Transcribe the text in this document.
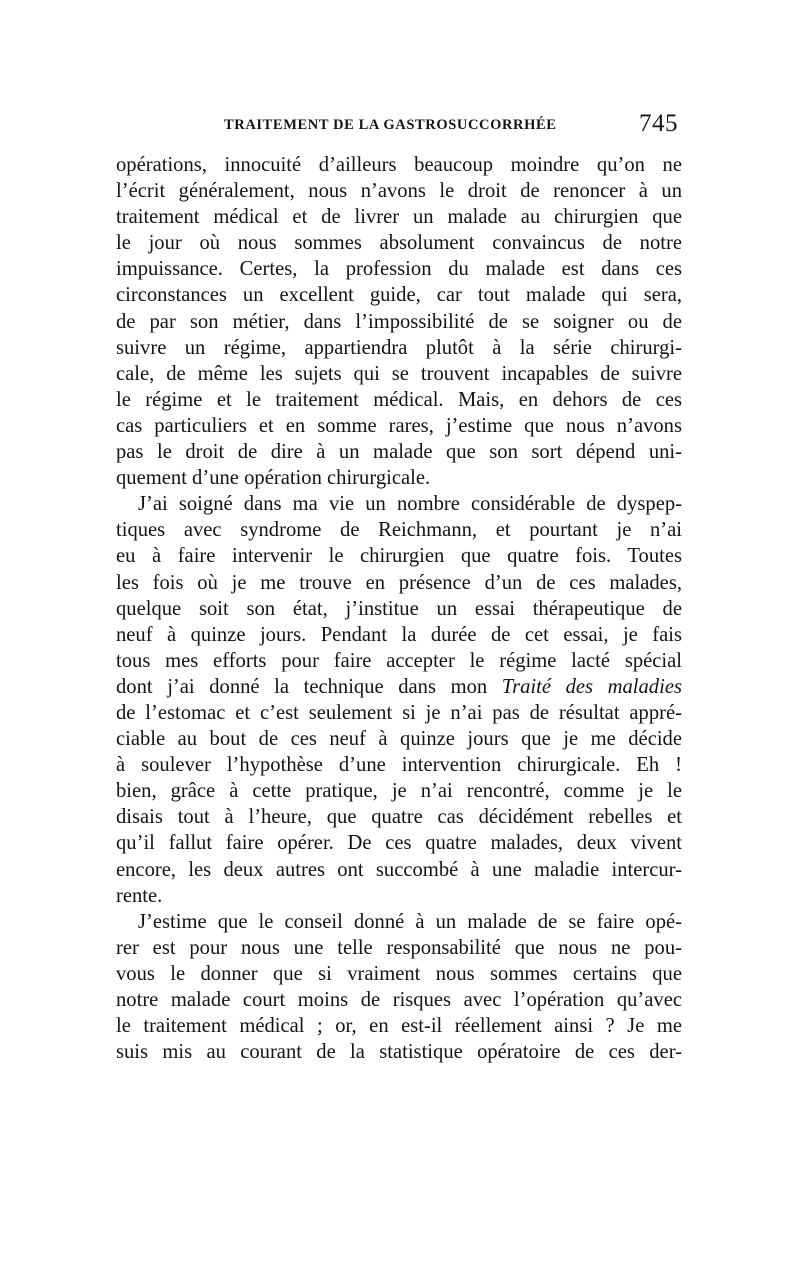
TRAITEMENT DE LA GASTROSUCCORRHÉE	745

opérations, innocuité d’ailleurs beaucoup moindre qu’on ne
l’écrit généralement, nous n’avons le droit de renoncer à un
traitement médical et de livrer un malade au chirurgien que
le jour où nous sommes absolument convaincus de notre
impuissance. Certes, la profession du malade est dans ces
circonstances un excellent guide, car tout malade qui sera,
de par son métier, dans l’impossibilité de se soigner ou de
suivre un régime, appartiendra plutôt à la série chirurgi-
cale, de même les sujets qui se trouvent incapables de suivre
le régime et le traitement médical. Mais, en dehors de ces
cas particuliers et en somme rares, j’estime que nous n’avons
pas le droit de dire à un malade que son sort dépend uni-
quement d’une opération chirurgicale.

J’ai soigné dans ma vie un nombre considérable de dyspep-
tiques avec syndrome de Reichmann, et pourtant je n’ai
eu à faire intervenir le chirurgien que quatre fois. Toutes
les fois où je me trouve en présence d’un de ces malades,
quelque soit son état, j’institue un essai thérapeutique de
neuf à quinze jours. Pendant la durée de cet essai, je fais
tous mes efforts pour faire accepter le régime lacté spécial
dont j’ai donné la technique dans mon Traité des maladies
de l’estomac et c’est seulement si je n’ai pas de résultat appré-
ciable au bout de ces neuf à quinze jours que je me décide
à soulever l’hypothèse d’une intervention chirurgicale. Eh !
bien, grâce à cette pratique, je n’ai rencontré, comme je le
disais tout à l’heure, que quatre cas décidément rebelles et
qu’il fallut faire opérer. De ces quatre malades, deux vivent
encore, les deux autres ont succombé à une maladie intercur-
rente.

J’estime que le conseil donné à un malade de se faire opé-
rer est pour nous une telle responsabilité que nous ne pou-
vous le donner que si vraiment nous sommes certains que
notre malade court moins de risques avec l’opération qu’avec
le traitement médical ; or, en est-il réellement ainsi ? Je me
suis mis au courant de la statistique opératoire de ces der-
